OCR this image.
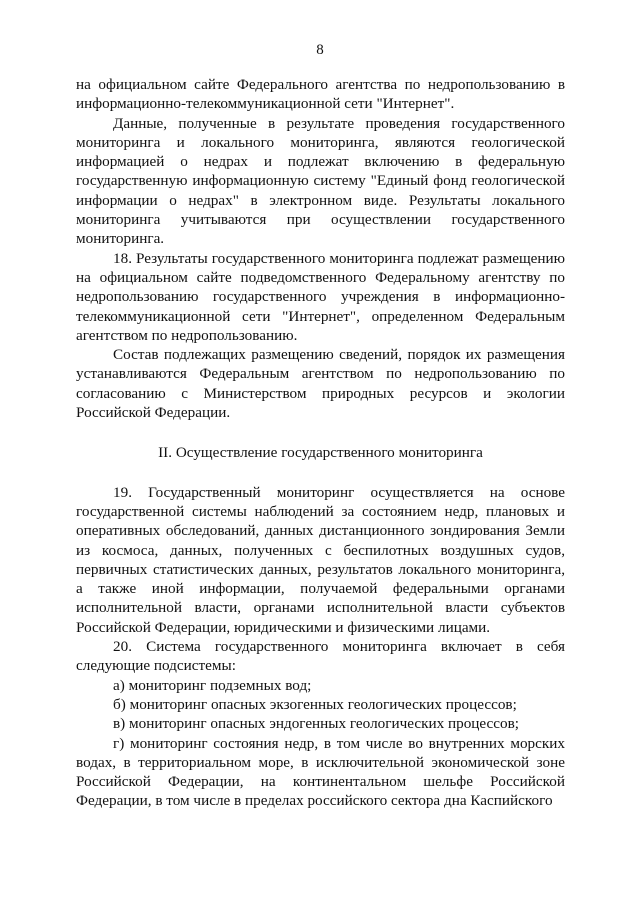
8

на официальном сайте Федерального агентства по недропользованию в информационно-телекоммуникационной сети "Интернет".

Данные, полученные в результате проведения государственного мониторинга и локального мониторинга, являются геологической информацией о недрах и подлежат включению в федеральную государственную информационную систему "Единый фонд геологической информации о недрах" в электронном виде. Результаты локального мониторинга учитываются при осуществлении государственного мониторинга.

18. Результаты государственного мониторинга подлежат размещению на официальном сайте подведомственного Федеральному агентству по недропользованию государственного учреждения в информационно-телекоммуникационной сети "Интернет", определенном Федеральным агентством по недропользованию.

Состав подлежащих размещению сведений, порядок их размещения устанавливаются Федеральным агентством по недропользованию по согласованию с Министерством природных ресурсов и экологии Российской Федерации.

II. Осуществление государственного мониторинга

19. Государственный мониторинг осуществляется на основе государственной системы наблюдений за состоянием недр, плановых и оперативных обследований, данных дистанционного зондирования Земли из космоса, данных, полученных с беспилотных воздушных судов, первичных статистических данных, результатов локального мониторинга, а также иной информации, получаемой федеральными органами исполнительной власти, органами исполнительной власти субъектов Российской Федерации, юридическими и физическими лицами.

20. Система государственного мониторинга включает в себя следующие подсистемы:

а) мониторинг подземных вод;

б) мониторинг опасных экзогенных геологических процессов;

в) мониторинг опасных эндогенных геологических процессов;

г) мониторинг состояния недр, в том числе во внутренних морских водах, в территориальном море, в исключительной экономической зоне Российской Федерации, на континентальном шельфе Российской Федерации, в том числе в пределах российского сектора дна Каспийского
